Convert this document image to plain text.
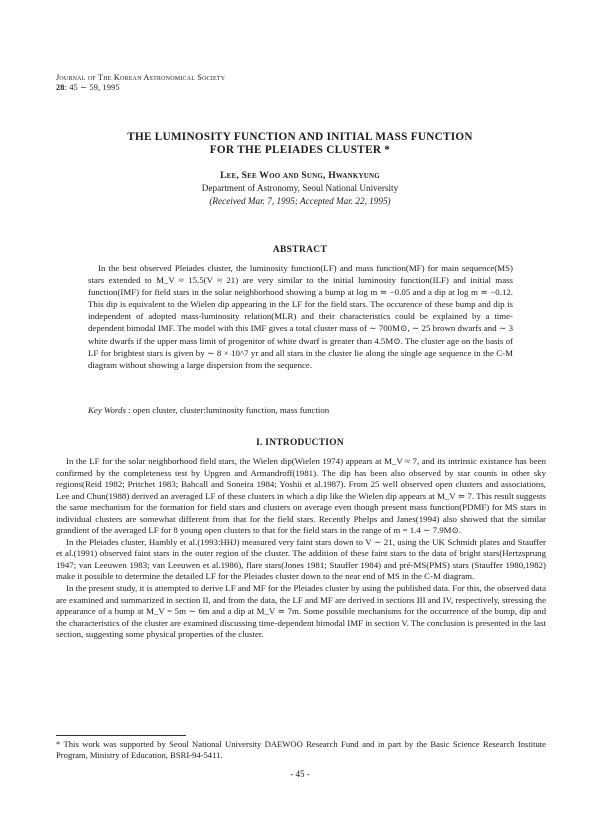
Journal of The Korean Astronomical Society
28: 45 ∼ 59, 1995
THE LUMINOSITY FUNCTION AND INITIAL MASS FUNCTION
FOR THE PLEIADES CLUSTER *
Lee, See Woo and Sung, Hwankyung
Department of Astronomy, Seoul National University
(Received Mar. 7, 1995; Accepted Mar. 22, 1995)
ABSTRACT

In the best observed Pleiades cluster, the luminosity function(LF) and mass function(MF) for main sequence(MS) stars extended to M_V ≈ 15.5(V ≈ 21) are very similar to the initial luminosity function(ILF) and initial mass function(IMF) for field stars in the solar neighborhood showing a bump at log m ≃ −0.05 and a dip at log m ≃ −0.12. This dip is equivalent to the Wielen dip appearing in the LF for the field stars. The occurence of these bump and dip is independent of adopted mass-luminosity relation(MLR) and their characteristics could be explained by a time-dependent bimodal IMF. The model with this IMF gives a total cluster mass of ∼ 700M⊙, ∼ 25 brown dwarfs and ∼ 3 white dwarfs if the upper mass limit of progenitor of white dwarf is greater than 4.5M⊙. The cluster age on the basis of LF for brightest stars is given by ∼ 8 × 10^7 yr and all stars in the cluster lie along the single age sequence in the C-M diagram without showing a large dispersion from the sequence.

Key Words : open cluster, cluster:luminosity function, mass function
I. INTRODUCTION

In the LF for the solar neighborhood field stars, the Wielen dip(Wielen 1974) appears at M_V ≈ 7, and its intrinsic existance has been confirmed by the completeness test by Upgren and Armandroff(1981). The dip has been also observed by star counts in other sky regions(Reid 1982; Pritchet 1983; Bahcall and Soneira 1984; Yoshii et al.1987). From 25 well observed open clusters and associations, Lee and Chun(1988) derived an averaged LF of these clusters in which a dip like the Wielen dip appears at M_V ≃ 7. This result suggests the same mechanism for the formation for field stars and clusters on average even though present mass function(PDMF) for MS stars in individual clusters are somewhat different from that for the field stars. Recently Phelps and Janes(1994) also showed that the similar grandient of the averaged LF for 8 young open clusters to that for the field stars in the range of m = 1.4 ∼ 7.9M⊙.

In the Pleiades cluster, Hambly et al.(1993:HHJ) measured very faint stars down to V ∼ 21, using the UK Schmidt plates and Stauffer et al.(1991) observed faint stars in the outer region of the cluster. The addition of these faint stars to the data of bright stars(Hertzsprung 1947; van Leeuwen 1983; van Leeuwen et al.1986), flare stars(Jones 1981; Stauffer 1984) and pré-MS(PMS) stars (Stauffer 1980,1982) make it possible to determine the detailed LF for the Pleiades cluster down to the near end of MS in the C-M diagram.

In the present study, it is attempted to derive LF and MF for the Pleiades cluster by using the published data. For this, the observed data are examined and summarized in section II, and from the data, the LF and MF are derived in sections III and IV, respectively, stressing the appearance of a bump at M_V = 5m ∼ 6m and a dip at M_V ≃ 7m. Some possible mechanisms for the occurrence of the bump, dip and the characteristics of the cluster are examined discussing time-dependent bimodal IMF in section V. The conclusion is presented in the last section, suggesting some physical properties of the cluster.

* This work was supported by Seoul National University DAEWOO Research Fund and in part by the Basic Science Research Institute Program, Ministry of Education, BSRI-94-5411.

- 45 -
